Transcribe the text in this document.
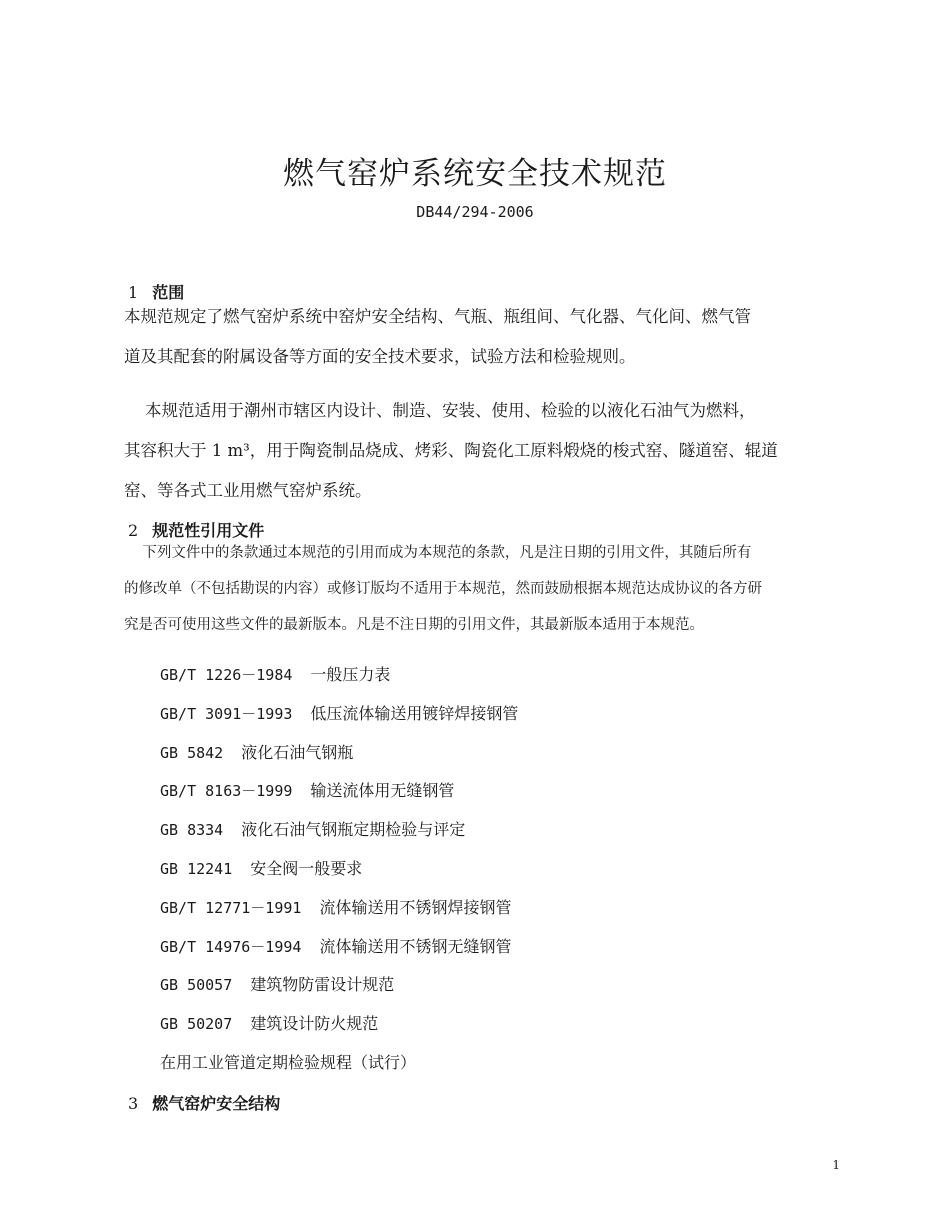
燃气窑炉系统安全技术规范
DB44/294-2006
1 范围
本规范规定了燃气窑炉系统中窑炉安全结构、气瓶、瓶组间、气化器、气化间、燃气管
道及其配套的附属设备等方面的安全技术要求，试验方法和检验规则。
本规范适用于潮州市辖区内设计、制造、安装、使用、检验的以液化石油气为燃料，
其容积大于 1 m³，用于陶瓷制品烧成、烤彩、陶瓷化工原料煅烧的梭式窑、隧道窑、辊道
窑、等各式工业用燃气窑炉系统。
2 规范性引用文件
下列文件中的条款通过本规范的引用而成为本规范的条款，凡是注日期的引用文件，其随后所有
的修改单（不包括勘误的内容）或修订版均不适用于本规范，然而鼓励根据本规范达成协议的各方研
究是否可使用这些文件的最新版本。凡是不注日期的引用文件，其最新版本适用于本规范。
GB/T 1226－1984 一般压力表
GB/T 3091－1993 低压流体输送用镀锌焊接钢管
GB 5842 液化石油气钢瓶
GB/T 8163－1999 输送流体用无缝钢管
GB 8334 液化石油气钢瓶定期检验与评定
GB 12241 安全阀一般要求
GB/T 12771－1991 流体输送用不锈钢焊接钢管
GB/T 14976－1994 流体输送用不锈钢无缝钢管
GB 50057 建筑物防雷设计规范
GB 50207 建筑设计防火规范
在用工业管道定期检验规程（试行）
3 燃气窑炉安全结构
1
